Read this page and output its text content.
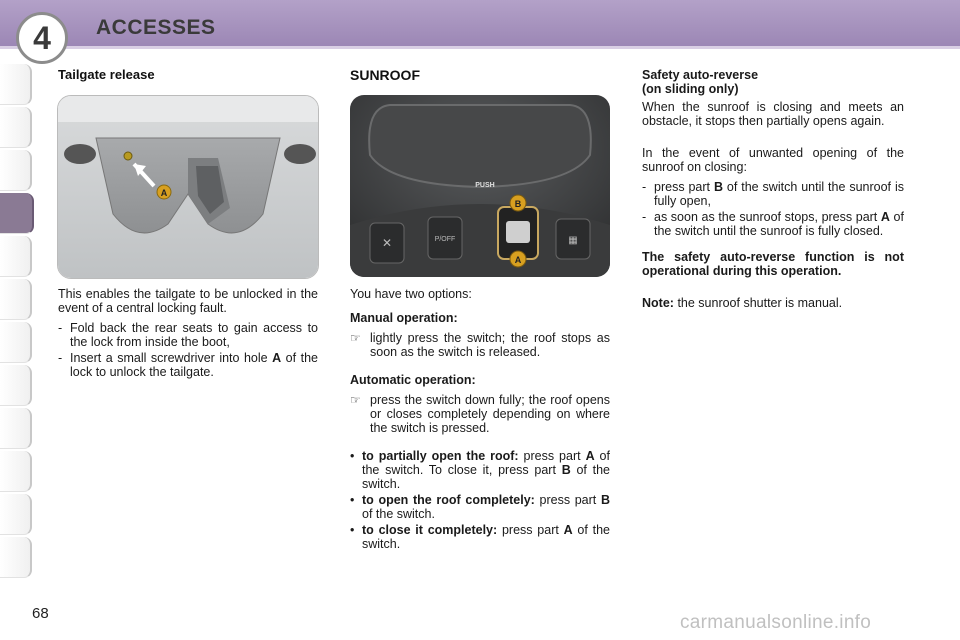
4	ACCESSES
Tailgate release
A

This enables the tailgate to be unlocked in the event of a central locking fault.

- Fold back the rear seats to gain access to the lock from inside the boot,
- Insert a small screwdriver into hole A of the lock to unlock the tailgate.
SUNROOF
PUSH
✕	P/OFF	▦
B
A

You have two options:

Manual operation:
☞ lightly press the switch; the roof stops as soon as the switch is released.
Automatic operation:
☞ press the switch down fully; the roof opens or closes completely depending on where the switch is pressed.
• to partially open the roof: press part A of the switch. To close it, press part B of the switch.
• to open the roof completely: press part B of the switch.
• to close it completely: press part A of the switch.
Safety auto-reverse
(on sliding only)

When the sunroof is closing and meets an obstacle, it stops then partially opens again.

In the event of unwanted opening of the sunroof on closing:

- press part B of the switch until the sunroof is fully open,
- as soon as the sunroof stops, press part A of the switch until the sunroof is fully closed.

The safety auto-reverse function is not operational during this operation.

Note: the sunroof shutter is manual.

68	carmanualsonline.info
